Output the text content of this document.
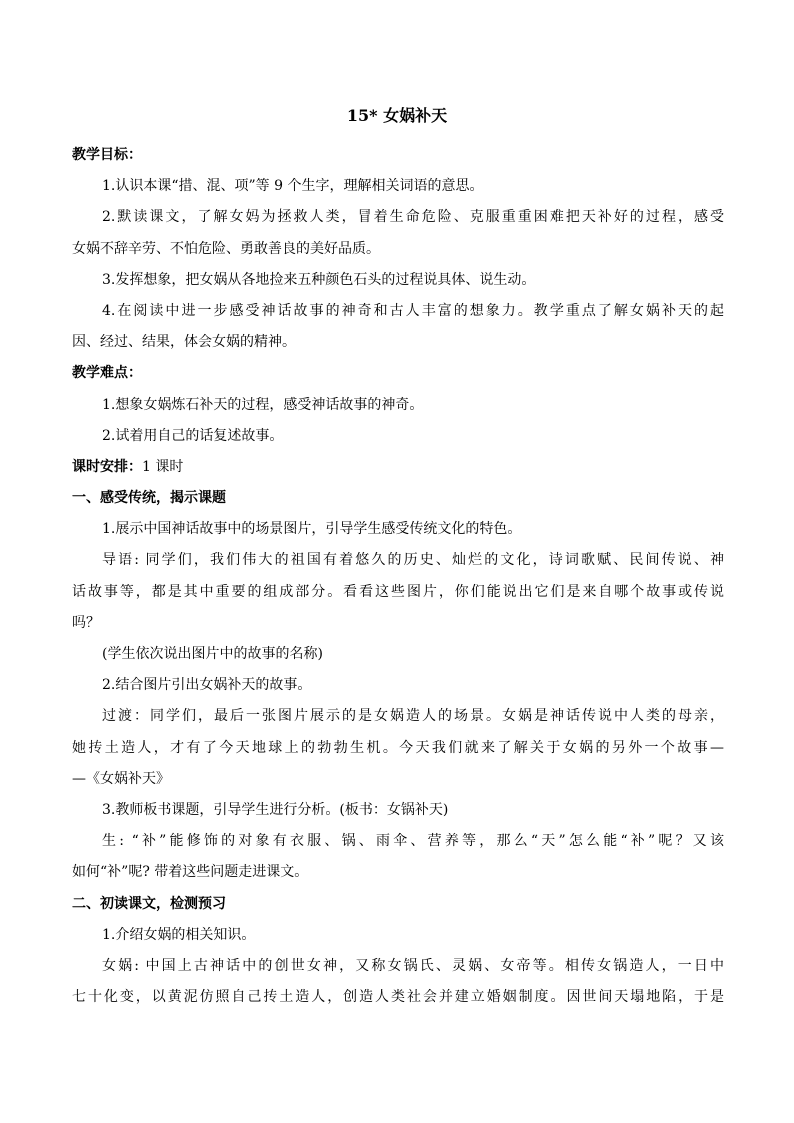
15* 女娲补天

教学目标：

1.认识本课“措、混、项”等 9 个生字，理解相关词语的意思。

2.默读课文，了解女妈为拯救人类，冒着生命危险、克服重重困难把天补好的过程，感受

女娲不辞辛劳、不怕危险、勇敢善良的美好品质。

3.发挥想象，把女娲从各地捡来五种颜色石头的过程说具体、说生动。

4.在阅读中进一步感受神话故事的神奇和古人丰富的想象力。教学重点了解女娲补天的起

因、经过、结果，体会女娲的精神。

教学难点：

1.想象女娲炼石补天的过程，感受神话故事的神奇。

2.试着用自己的话复述故事。

课时安排：1 课时

一、感受传统，揭示课题

1.展示中国神话故事中的场景图片，引导学生感受传统文化的特色。

导语: 同学们，我们伟大的祖国有着悠久的历史、灿烂的文化，诗词歌赋、民间传说、神

话故事等，都是其中重要的组成部分。看看这些图片，你们能说出它们是来自哪个故事或传说

吗？

(学生依次说出图片中的故事的名称)

2.结合图片引出女娲补天的故事。

过渡：同学们，最后一张图片展示的是女娲造人的场景。女娲是神话传说中人类的母亲，

她抟土造人，才有了今天地球上的勃勃生机。今天我们就来了解关于女娲的另外一个故事—

—《女娲补天》

3.教师板书课题，引导学生进行分析。(板书：女锅补天)

生: “补”能修饰的对象有衣服、锅、雨伞、营养等，那么“天”怎么能“补”呢？又该

如何“补”呢? 带着这些问题走进课文。

二、初读课文，检测预习

1.介绍女娲的相关知识。

女娲: 中国上古神话中的创世女神，又称女锅氏、灵娲、女帝等。相传女锅造人，一日中

七十化变，以黄泥仿照自己抟土造人，创造人类社会并建立婚姻制度。因世间天塌地陷，于是
